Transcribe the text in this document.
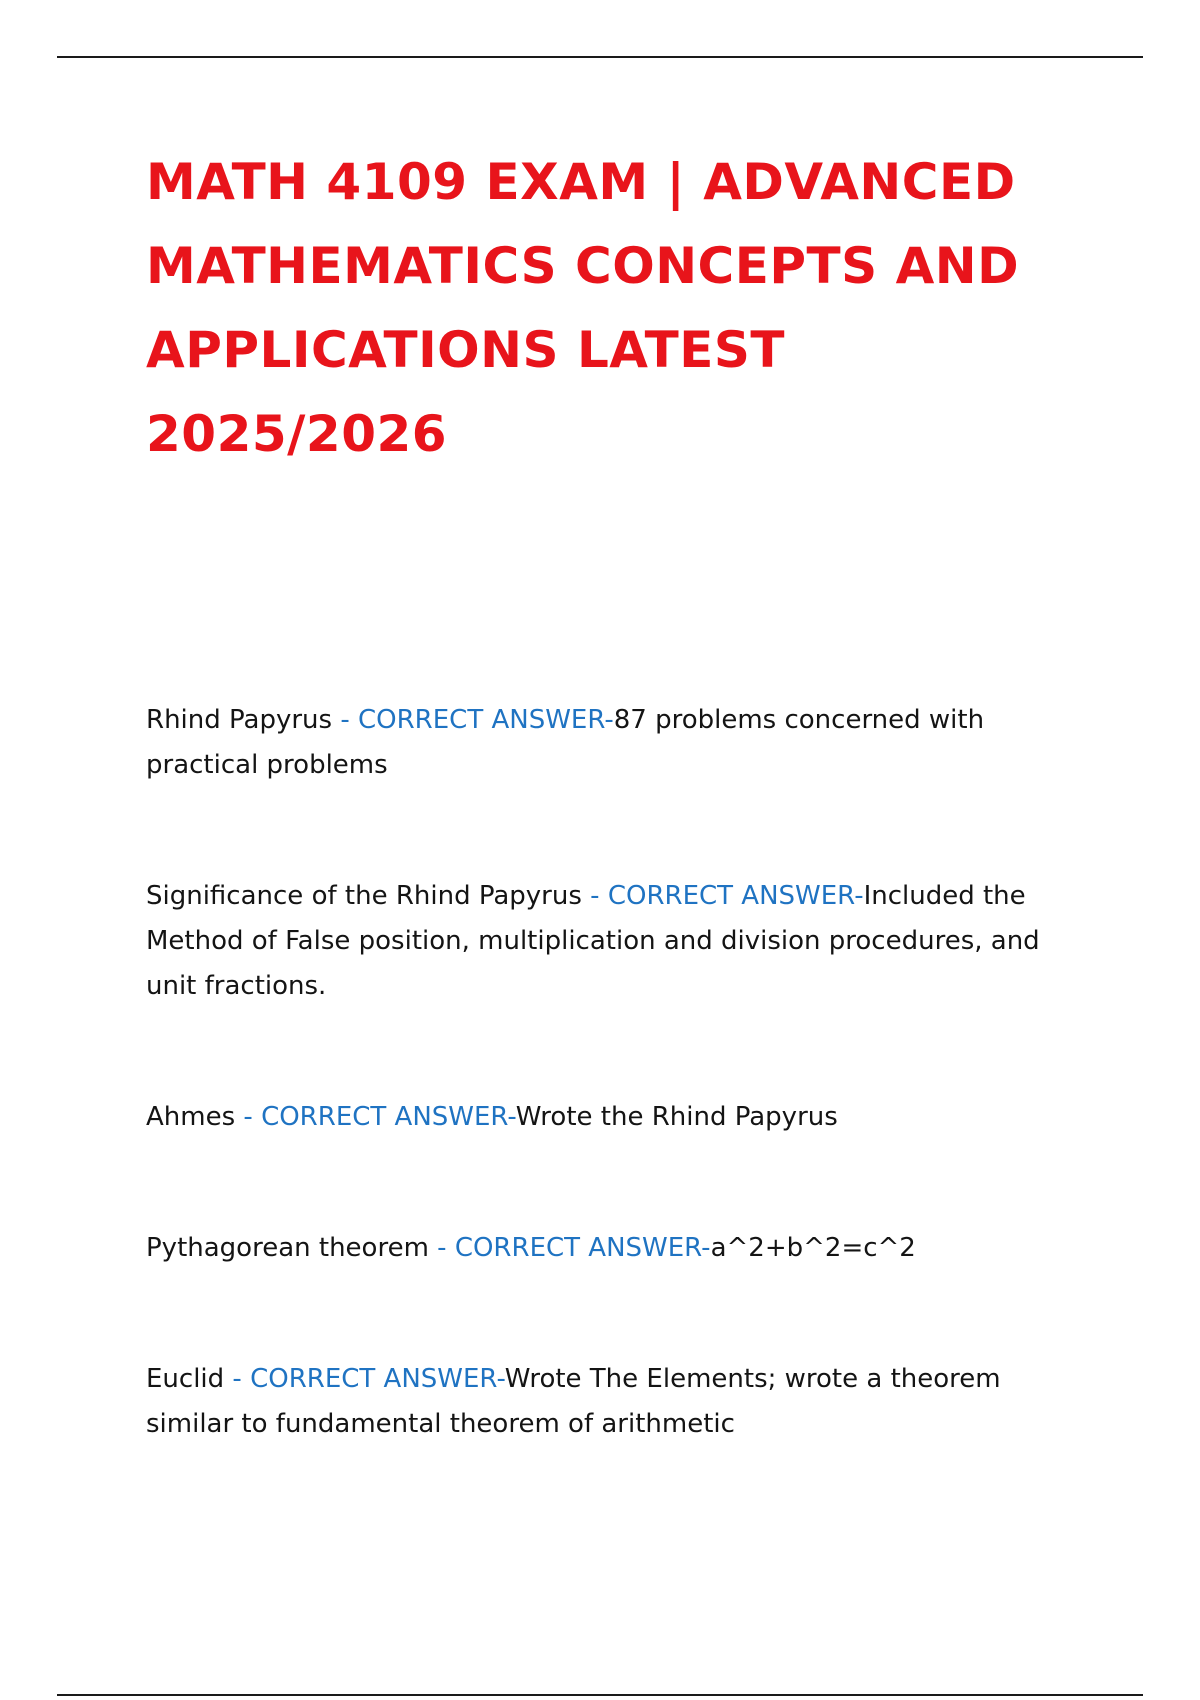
MATH 4109 EXAM | ADVANCED
MATHEMATICS CONCEPTS AND
APPLICATIONS LATEST
2025/2026
Rhind Papyrus - CORRECT ANSWER-87 problems concerned with
practical problems
Significance of the Rhind Papyrus - CORRECT ANSWER-Included the
Method of False position, multiplication and division procedures, and
unit fractions.
Ahmes - CORRECT ANSWER-Wrote the Rhind Papyrus
Pythagorean theorem - CORRECT ANSWER-a^2+b^2=c^2
Euclid - CORRECT ANSWER-Wrote The Elements; wrote a theorem
similar to fundamental theorem of arithmetic
